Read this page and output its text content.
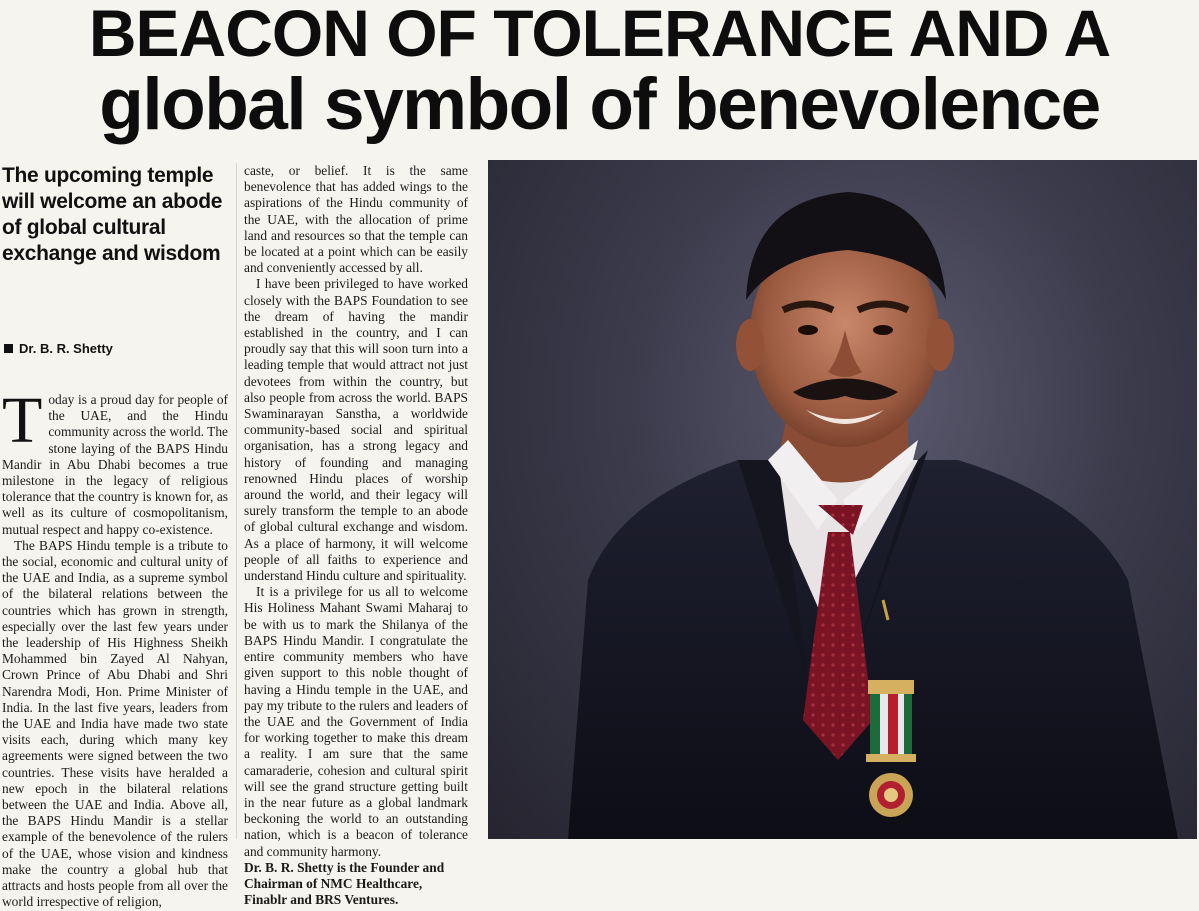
BEACON OF TOLERANCE AND A
global symbol of benevolence
The upcoming temple will welcome an abode of global cultural exchange and wisdom
Dr. B. R. Shetty

Today is a proud day for people of the UAE, and the Hindu community across the world. The stone laying of the BAPS Hindu Mandir in Abu Dhabi becomes a true milestone in the legacy of religious tolerance that the country is known for, as well as its culture of cosmopolitanism, mutual respect and happy co-existence.

The BAPS Hindu temple is a tribute to the social, economic and cultural unity of the UAE and India, as a supreme symbol of the bilateral relations between the countries which has grown in strength, especially over the last few years under the leadership of His Highness Sheikh Mohammed bin Zayed Al Nahyan, Crown Prince of Abu Dhabi and Shri Narendra Modi, Hon. Prime Minister of India. In the last five years, leaders from the UAE and India have made two state visits each, during which many key agreements were signed between the two countries. These visits have heralded a new epoch in the bilateral relations between the UAE and India. Above all, the BAPS Hindu Mandir is a stellar example of the benevolence of the rulers of the UAE, whose vision and kindness make the country a global hub that attracts and hosts people from all over the world irrespective of religion,

caste, or belief. It is the same benevolence that has added wings to the aspirations of the Hindu community of the UAE, with the allocation of prime land and resources so that the temple can be located at a point which can be easily and conveniently accessed by all.

I have been privileged to have worked closely with the BAPS Foundation to see the dream of having the mandir established in the country, and I can proudly say that this will soon turn into a leading temple that would attract not just devotees from within the country, but also people from across the world. BAPS Swaminarayan Sanstha, a worldwide community-based social and spiritual organisation, has a strong legacy and history of founding and managing renowned Hindu places of worship around the world, and their legacy will surely transform the temple to an abode of global cultural exchange and wisdom. As a place of harmony, it will welcome people of all faiths to experience and understand Hindu culture and spirituality.

It is a privilege for us all to welcome His Holiness Mahant Swami Maharaj to be with us to mark the Shilanya of the BAPS Hindu Mandir. I congratulate the entire community members who have given support to this noble thought of having a Hindu temple in the UAE, and pay my tribute to the rulers and leaders of the UAE and the Government of India for working together to make this dream a reality. I am sure that the same camaraderie, cohesion and cultural spirit will see the grand structure getting built in the near future as a global landmark beckoning the world to an outstanding nation, which is a beacon of tolerance and community harmony.

Dr. B. R. Shetty is the Founder and Chairman of NMC Healthcare, Finablr and BRS Ventures.
